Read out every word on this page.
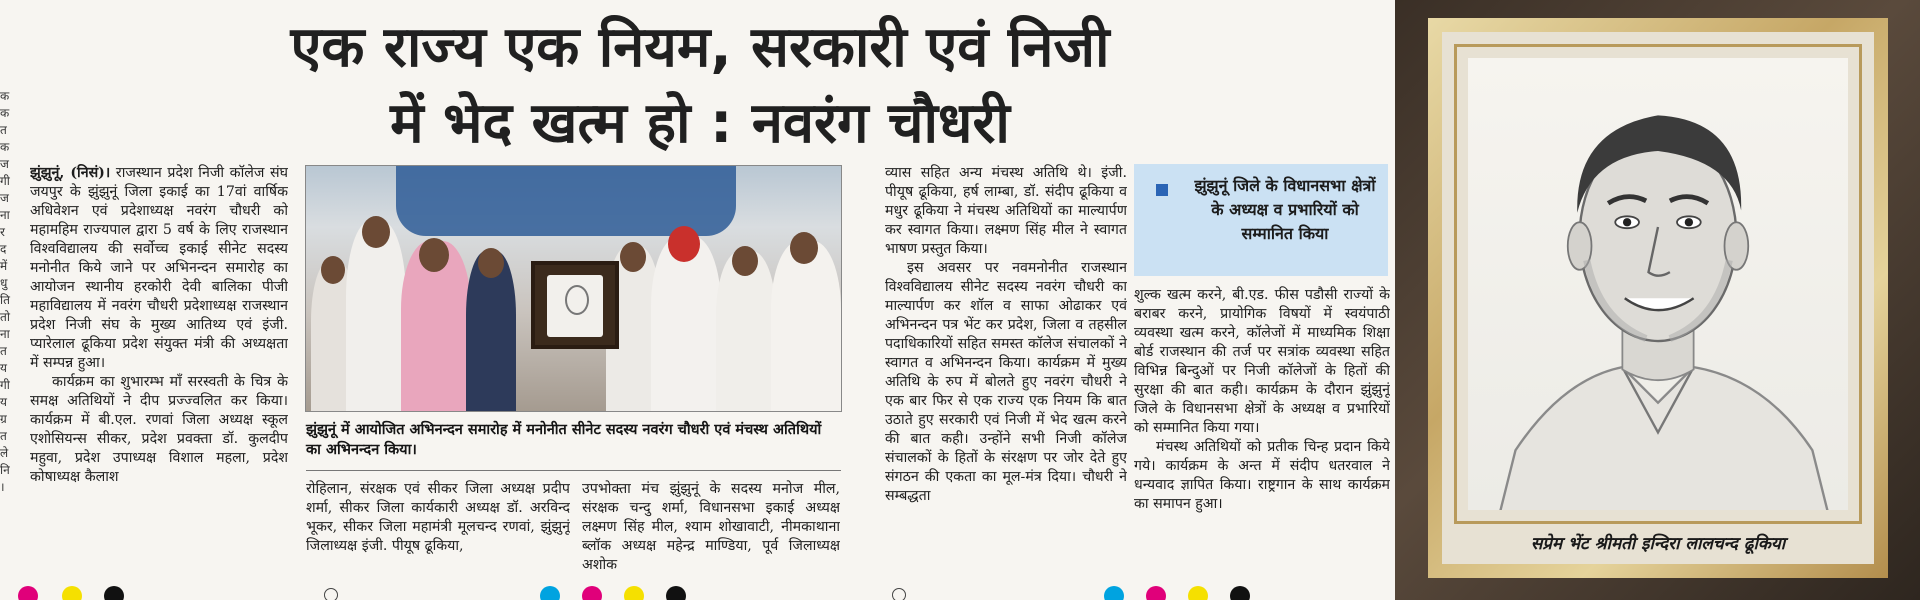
एक राज्य एक नियम, सरकारी एवं निजी
में भेद खत्म हो : नवरंग चौधरी
क
क
त
क
ज
गी
ज
ना
र
द
में
धु
ति
तो
ना
त
य
गी
य
ग्र
त
ले
नि
।

झुंझुनूं, (निसं)। राजस्थान प्रदेश निजी कॉलेज संघ जयपुर के झुंझुनूं जिला इकाई का 17वां वार्षिक अधिवेशन एवं प्रदेशाध्यक्ष नवरंग चौधरी को महामहिम राज्यपाल द्वारा 5 वर्ष के लिए राजस्थान विश्वविद्यालय की सर्वोच्च इकाई सीनेट सदस्य मनोनीत किये जाने पर अभिनन्दन समारोह का आयोजन स्थानीय हरकोरी देवी बालिका पीजी महाविद्यालय में नवरंग चौधरी प्रदेशाध्यक्ष राजस्थान प्रदेश निजी संघ के मुख्य आतिथ्य एवं इंजी. प्यारेलाल ढूकिया प्रदेश संयुक्त मंत्री की अध्यक्षता में सम्पन्न हुआ।

कार्यक्रम का शुभारम्भ माँ सरस्वती के चित्र के समक्ष अतिथियों ने दीप प्रज्ज्वलित कर किया। कार्यक्रम में बी.एल. रणवां जिला अध्यक्ष स्कूल एशोसियन्स सीकर, प्रदेश प्रवक्ता डॉ. कुलदीप महुवा, प्रदेश उपाध्यक्ष विशाल महला, प्रदेश कोषाध्यक्ष कैलाश

झुंझुनूं में आयोजित अभिनन्दन समारोह में मनोनीत सीनेट सदस्य नवरंग चौधरी एवं मंचस्थ अतिथियों का अभिनन्दन किया।

रोहिलान, संरक्षक एवं सीकर जिला अध्यक्ष प्रदीप शर्मा, सीकर जिला कार्यकारी अध्यक्ष डॉ. अरविन्द भूकर, सीकर जिला महामंत्री मूलचन्द रणवां, झुंझुनूं जिलाध्यक्ष इंजी. पीयूष ढूकिया,

उपभोक्ता मंच झुंझुनूं के सदस्य मनोज मील, संरक्षक चन्दु शर्मा, विधानसभा इकाई अध्यक्ष लक्ष्मण सिंह मील, श्याम शोखावाटी, नीमकाथाना ब्लॉक अध्यक्ष महेन्द्र माण्डिया, पूर्व जिलाध्यक्ष अशोक

व्यास सहित अन्य मंचस्थ अतिथि थे। इंजी. पीयूष ढूकिया, हर्ष लाम्बा, डॉ. संदीप ढूकिया व मधुर ढूकिया ने मंचस्थ अतिथियों का माल्यार्पण कर स्वागत किया। लक्ष्मण सिंह मील ने स्वागत भाषण प्रस्तुत किया।

इस अवसर पर नवमनोनीत राजस्थान विश्वविद्यालय सीनेट सदस्य नवरंग चौधरी का माल्यार्पण कर शॉल व साफा ओढाकर एवं अभिनन्दन पत्र भेंट कर प्रदेश, जिला व तहसील पदाधिकारियों सहित समस्त कॉलेज संचालकों ने स्वागत व अभिनन्दन किया। कार्यक्रम में मुख्य अतिथि के रुप में बोलते हुए नवरंग चौधरी ने एक बार फिर से एक राज्य एक नियम कि बात उठाते हुए सरकारी एवं निजी में भेद खत्म करने की बात कही। उन्होंने सभी निजी कॉलेज संचालकों के हितों के संरक्षण पर जोर देते हुए संगठन की एकता का मूल-मंत्र दिया। चौधरी ने सम्बद्धता

झुंझुनूं जिले के विधानसभा क्षेत्रों के अध्यक्ष व प्रभारियों को सम्मानित किया

शुल्क खत्म करने, बी.एड. फीस पडौसी राज्यों के बराबर करने, प्रायोगिक विषयों में स्वयंपाठी व्यवस्था खत्म करने, कॉलेजों में माध्यमिक शिक्षा बोर्ड राजस्थान की तर्ज पर सत्रांक व्यवस्था सहित विभिन्न बिन्दुओं पर निजी कॉलेजों के हितों की सुरक्षा की बात कही। कार्यक्रम के दौरान झुंझुनूं जिले के विधानसभा क्षेत्रों के अध्यक्ष व प्रभारियों को सम्मानित किया गया।

मंचस्थ अतिथियों को प्रतीक चिन्ह प्रदान किये गये। कार्यक्रम के अन्त में संदीप धतरवाल ने धन्यवाद ज्ञापित किया। राष्ट्रगान के साथ कार्यक्रम का समापन हुआ।

सप्रेम भेंट श्रीमती इन्दिरा लालचन्द ढूकिया
